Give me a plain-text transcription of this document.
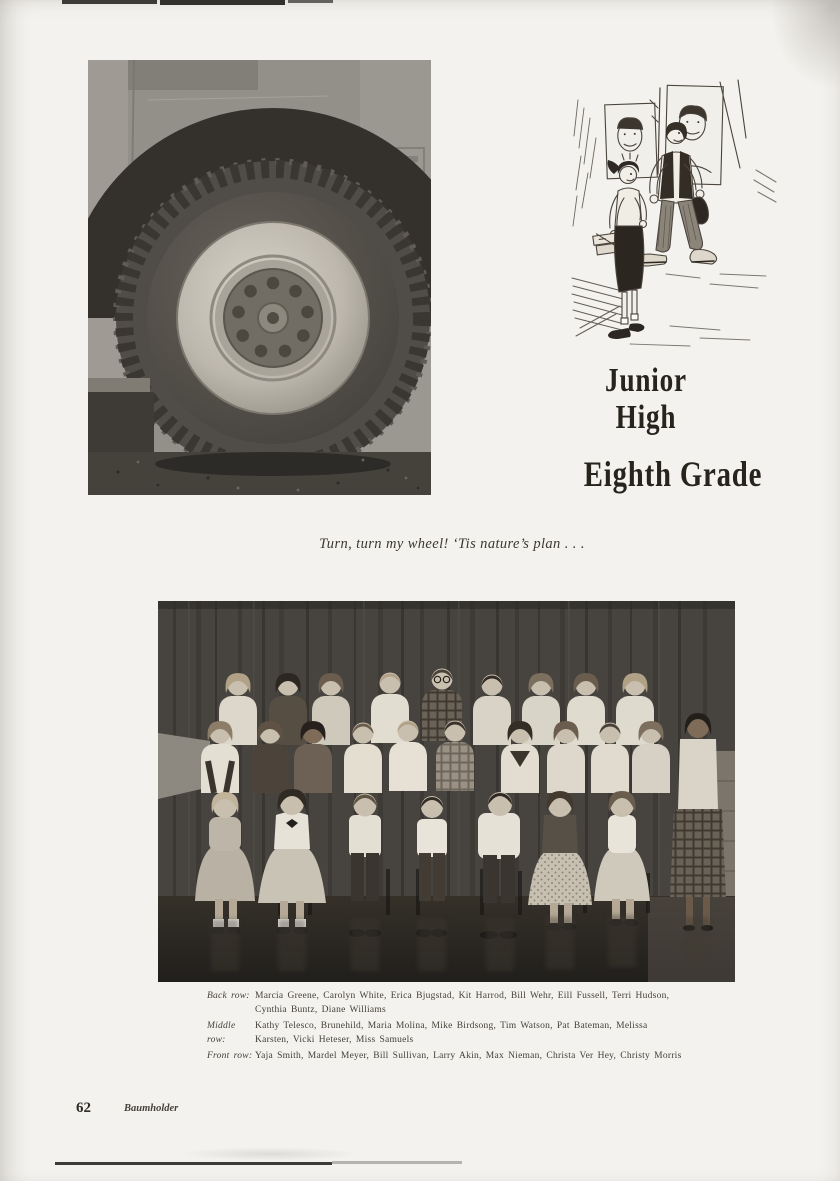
Junior
High
Eighth Grade
Turn, turn my wheel! ‘Tis nature’s plan . . .
Back row: Marcia Greene, Carolyn White, Erica Bjugstad, Kit Harrod, Bill Wehr, Eill Fussell, Terri Hudson, Cynthia Buntz, Diane Williams
Middle row:
Kathy Telesco, Brunehild, Maria Molina, Mike Birdsong, Tim Watson, Pat Bateman, Melissa Karsten, Vicki Heteser, Miss Samuels
Front row: Yaja Smith, Mardel Meyer, Bill Sullivan, Larry Akin, Max Nieman, Christa Ver Hey, Christy Morris
62	Baumholder
